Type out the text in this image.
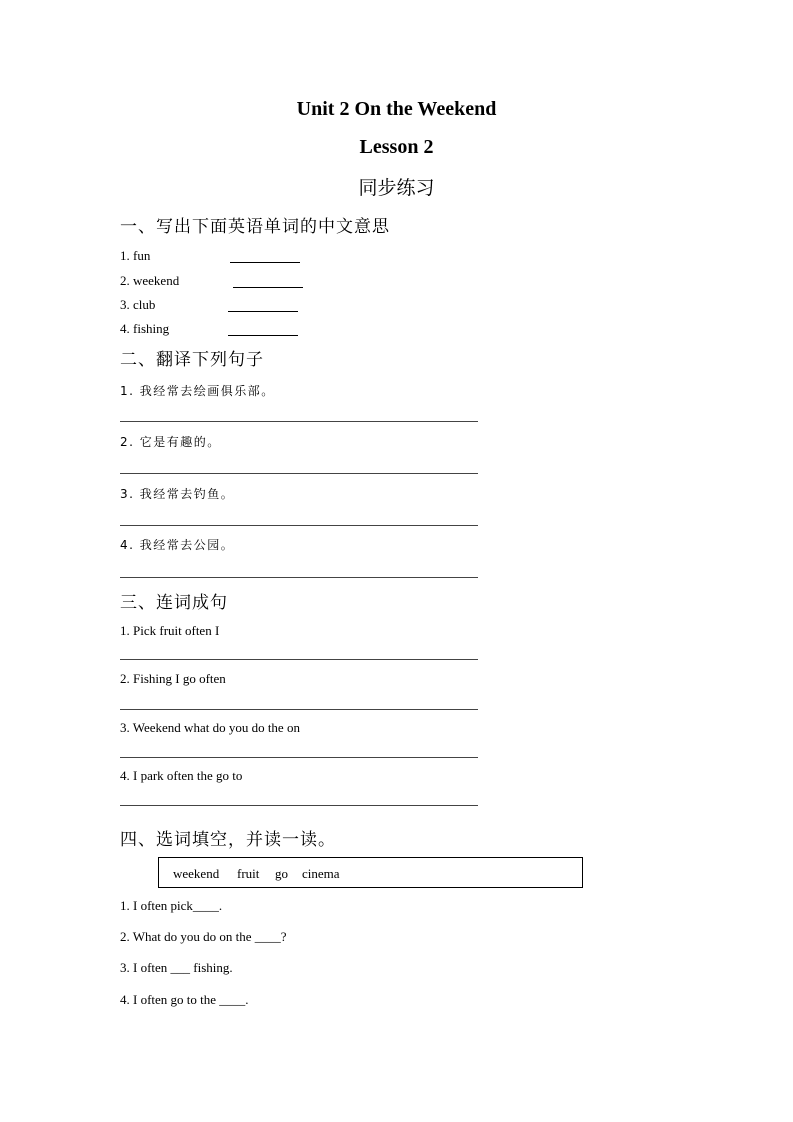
Unit 2 On the Weekend
Lesson 2
同步练习
一、写出下面英语单词的中文意思
1. fun
2. weekend
3. club
4. fishing
二、翻译下列句子
1. 我经常去绘画俱乐部。
2. 它是有趣的。
3. 我经常去钓鱼。
4. 我经常去公园。
三、连词成句
1. Pick fruit often I
2. Fishing I go often
3. Weekend what do you do the on
4. I park often the go to
四、选词填空，并读一读。
weekend fruit go cinema
1. I often pick____.
2. What do you do on the ____?
3. I often ___ fishing.
4. I often go to the ____.
